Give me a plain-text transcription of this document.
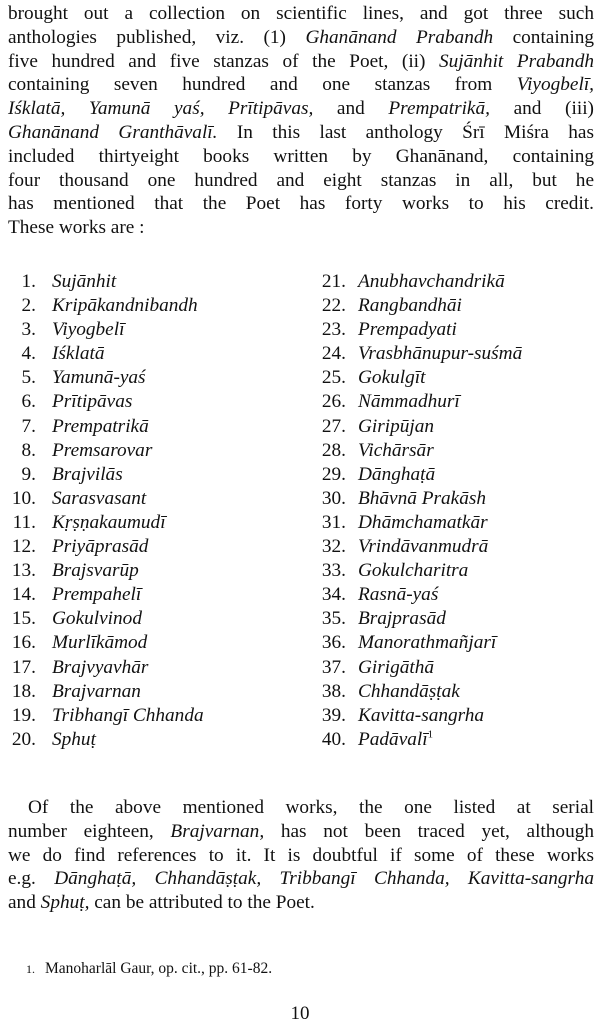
brought out a collection on scientific lines, and got three such
anthologies published, viz. (1) Ghanānand Prabandh containing
five hundred and five stanzas of the Poet, (ii) Sujānhit Prabandh
containing seven hundred and one stanzas from Viyogbelī,
Iśklatā, Yamunā yaś, Prītipāvas, and Prempatrikā, and (iii)
Ghanānand Granthāvalī. In this last anthology Śrī Miśra has
included thirtyeight books written by Ghanānand, containing
four thousand one hundred and eight stanzas in all, but he
has mentioned that the Poet has forty works to his credit.
These works are :
1. Sujānhit
2. Kripākandnibandh
3. Viyogbelī
4. Iśklatā
5. Yamunā-yaś
6. Prītipāvas
7. Prempatrikā
8. Premsarovar
9. Brajvilās
10. Sarasvasant
11. Kṛṣṇakaumudī
12. Priyāprasād
13. Brajsvarūp
14. Prempahelī
15. Gokulvinod
16. Murlīkāmod
17. Brajvyavhār
18. Brajvarnan
19. Tribhangī Chhanda
20. Sphuṭ
21. Anubhavchandrikā
22. Rangbandhāi
23. Prempadyati
24. Vrasbhānupur-suśmā
25. Gokulgīt
26. Nāmmadhurī
27. Giripūjan
28. Vichārsār
29. Dānghaṭā
30. Bhāvnā Prakāsh
31. Dhāmchamatkār
32. Vrindāvanmudrā
33. Gokulcharitra
34. Rasnā-yaś
35. Brajprasād
36. Manorathmañjarī
37. Girigāthā
38. Chhandāṣṭak
39. Kavitta-sangrha
40. Padāvalī$^1$
Of the above mentioned works, the one listed at serial
number eighteen, Brajvarnan, has not been traced yet, although
we do find references to it. It is doubtful if some of these works
e.g. Dānghaṭā, Chhandāṣṭak, Tribbangī Chhanda, Kavitta-sangrha
and Sphuṭ, can be attributed to the Poet.
1. Manoharlāl Gaur, op. cit., pp. 61-82.
10
